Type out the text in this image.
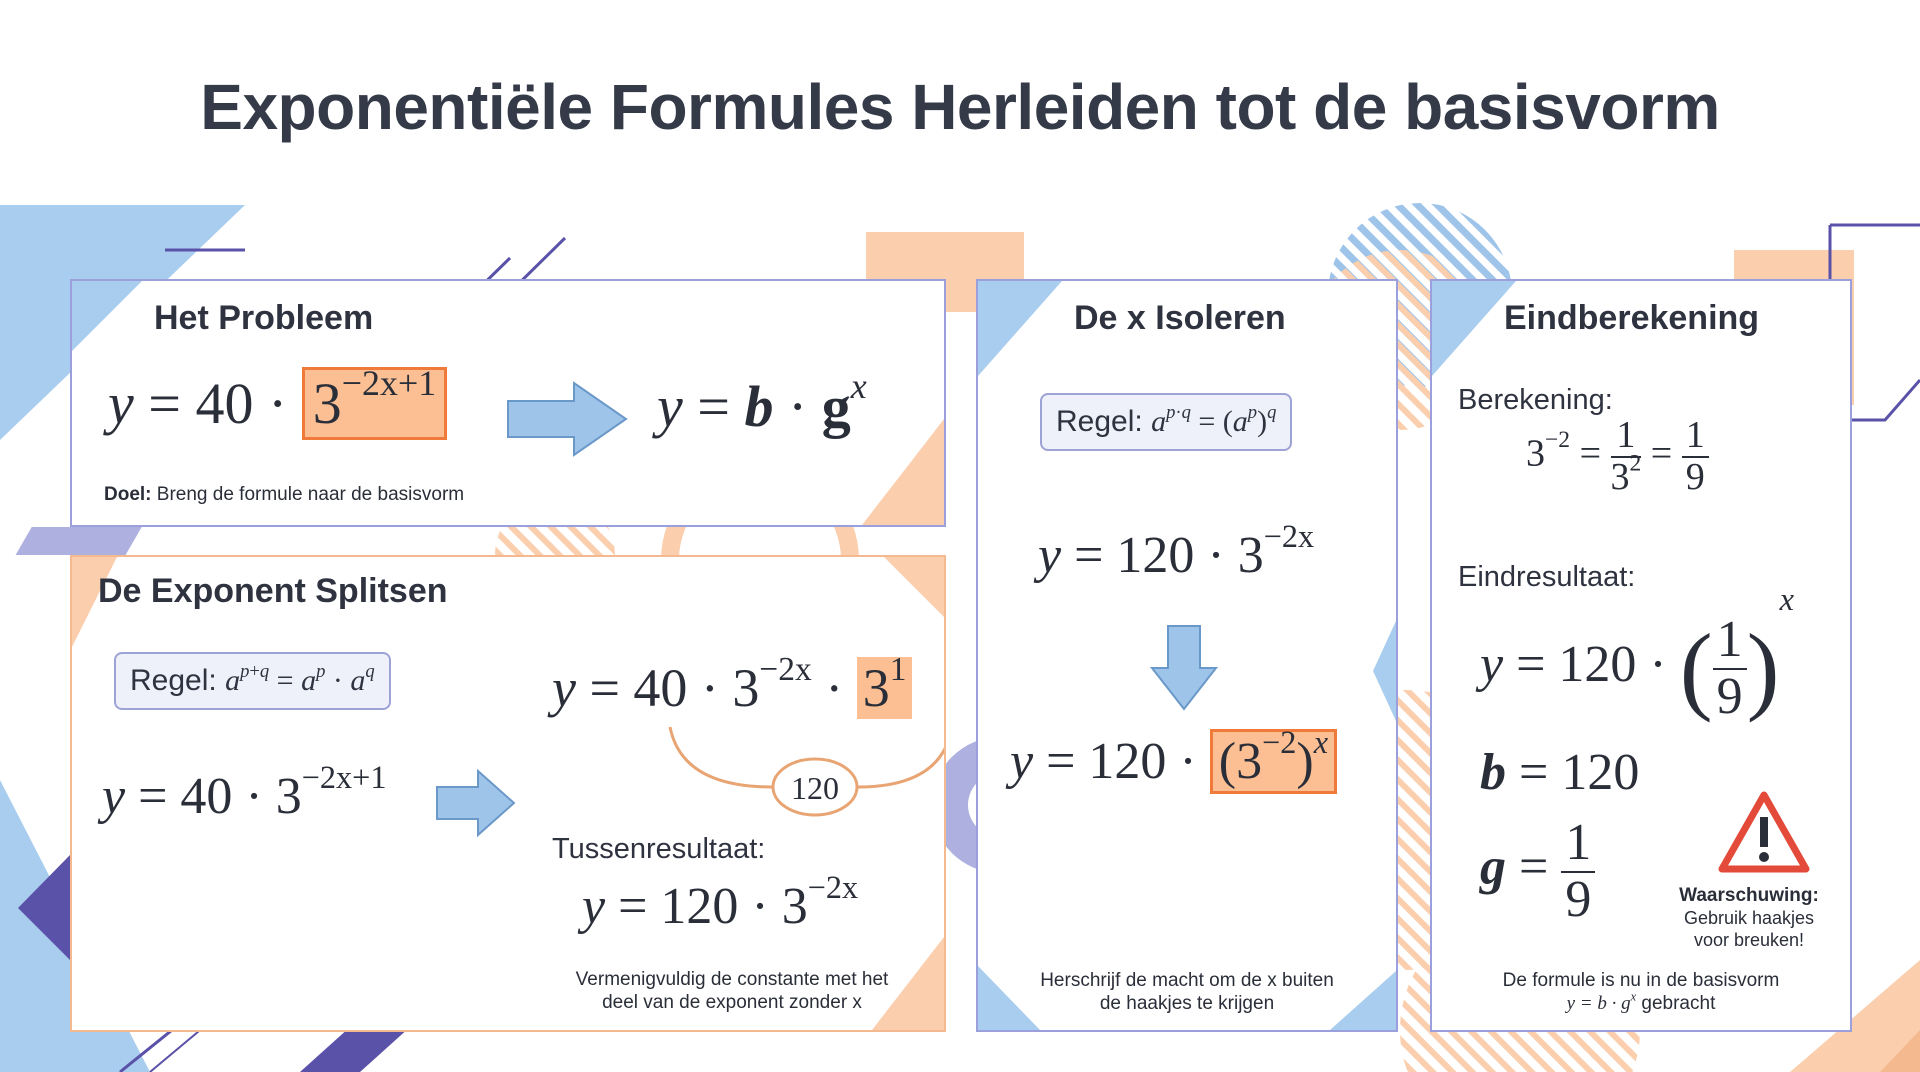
Exponentiële Formules Herleiden tot de basisvorm
Het Probleem
$y = 40 \cdot 3^{-2x+1}$	$y = b \cdot g^x$
Doel: Breng de formule naar de basisvorm
De Exponent Splitsen
Regel: $a^{p+q} = a^p \cdot a^q$
$y = 40 \cdot 3^{-2x+1}$
$y = 40 \cdot 3^{-2x} \cdot 3^1$
120
Tussenresultaat:
$y = 120 \cdot 3^{-2x}$
Vermenigvuldig de constante met het
deel van de exponent zonder x
De x Isoleren
Regel: $a^{p\cdot q} = (a^p)^q$
$y = 120 \cdot 3^{-2x}$
$y = 120 \cdot (3^{-2})^x$
Herschrijf de macht om de x buiten
de haakjes te krijgen
Eindberekening
Berekening:
$3^{-2} = \frac{1}{3^2} = \frac{1}{9}$
Eindresultaat:
y = 120 · ( $\frac{1}{9} )^x$
b = 120
$g = \frac{1}{9}$	Waarschuwing:
Gebruik haakjes
voor breuken!
De formule is nu in de basisvorm
$y = b \cdot g^x$ gebracht
